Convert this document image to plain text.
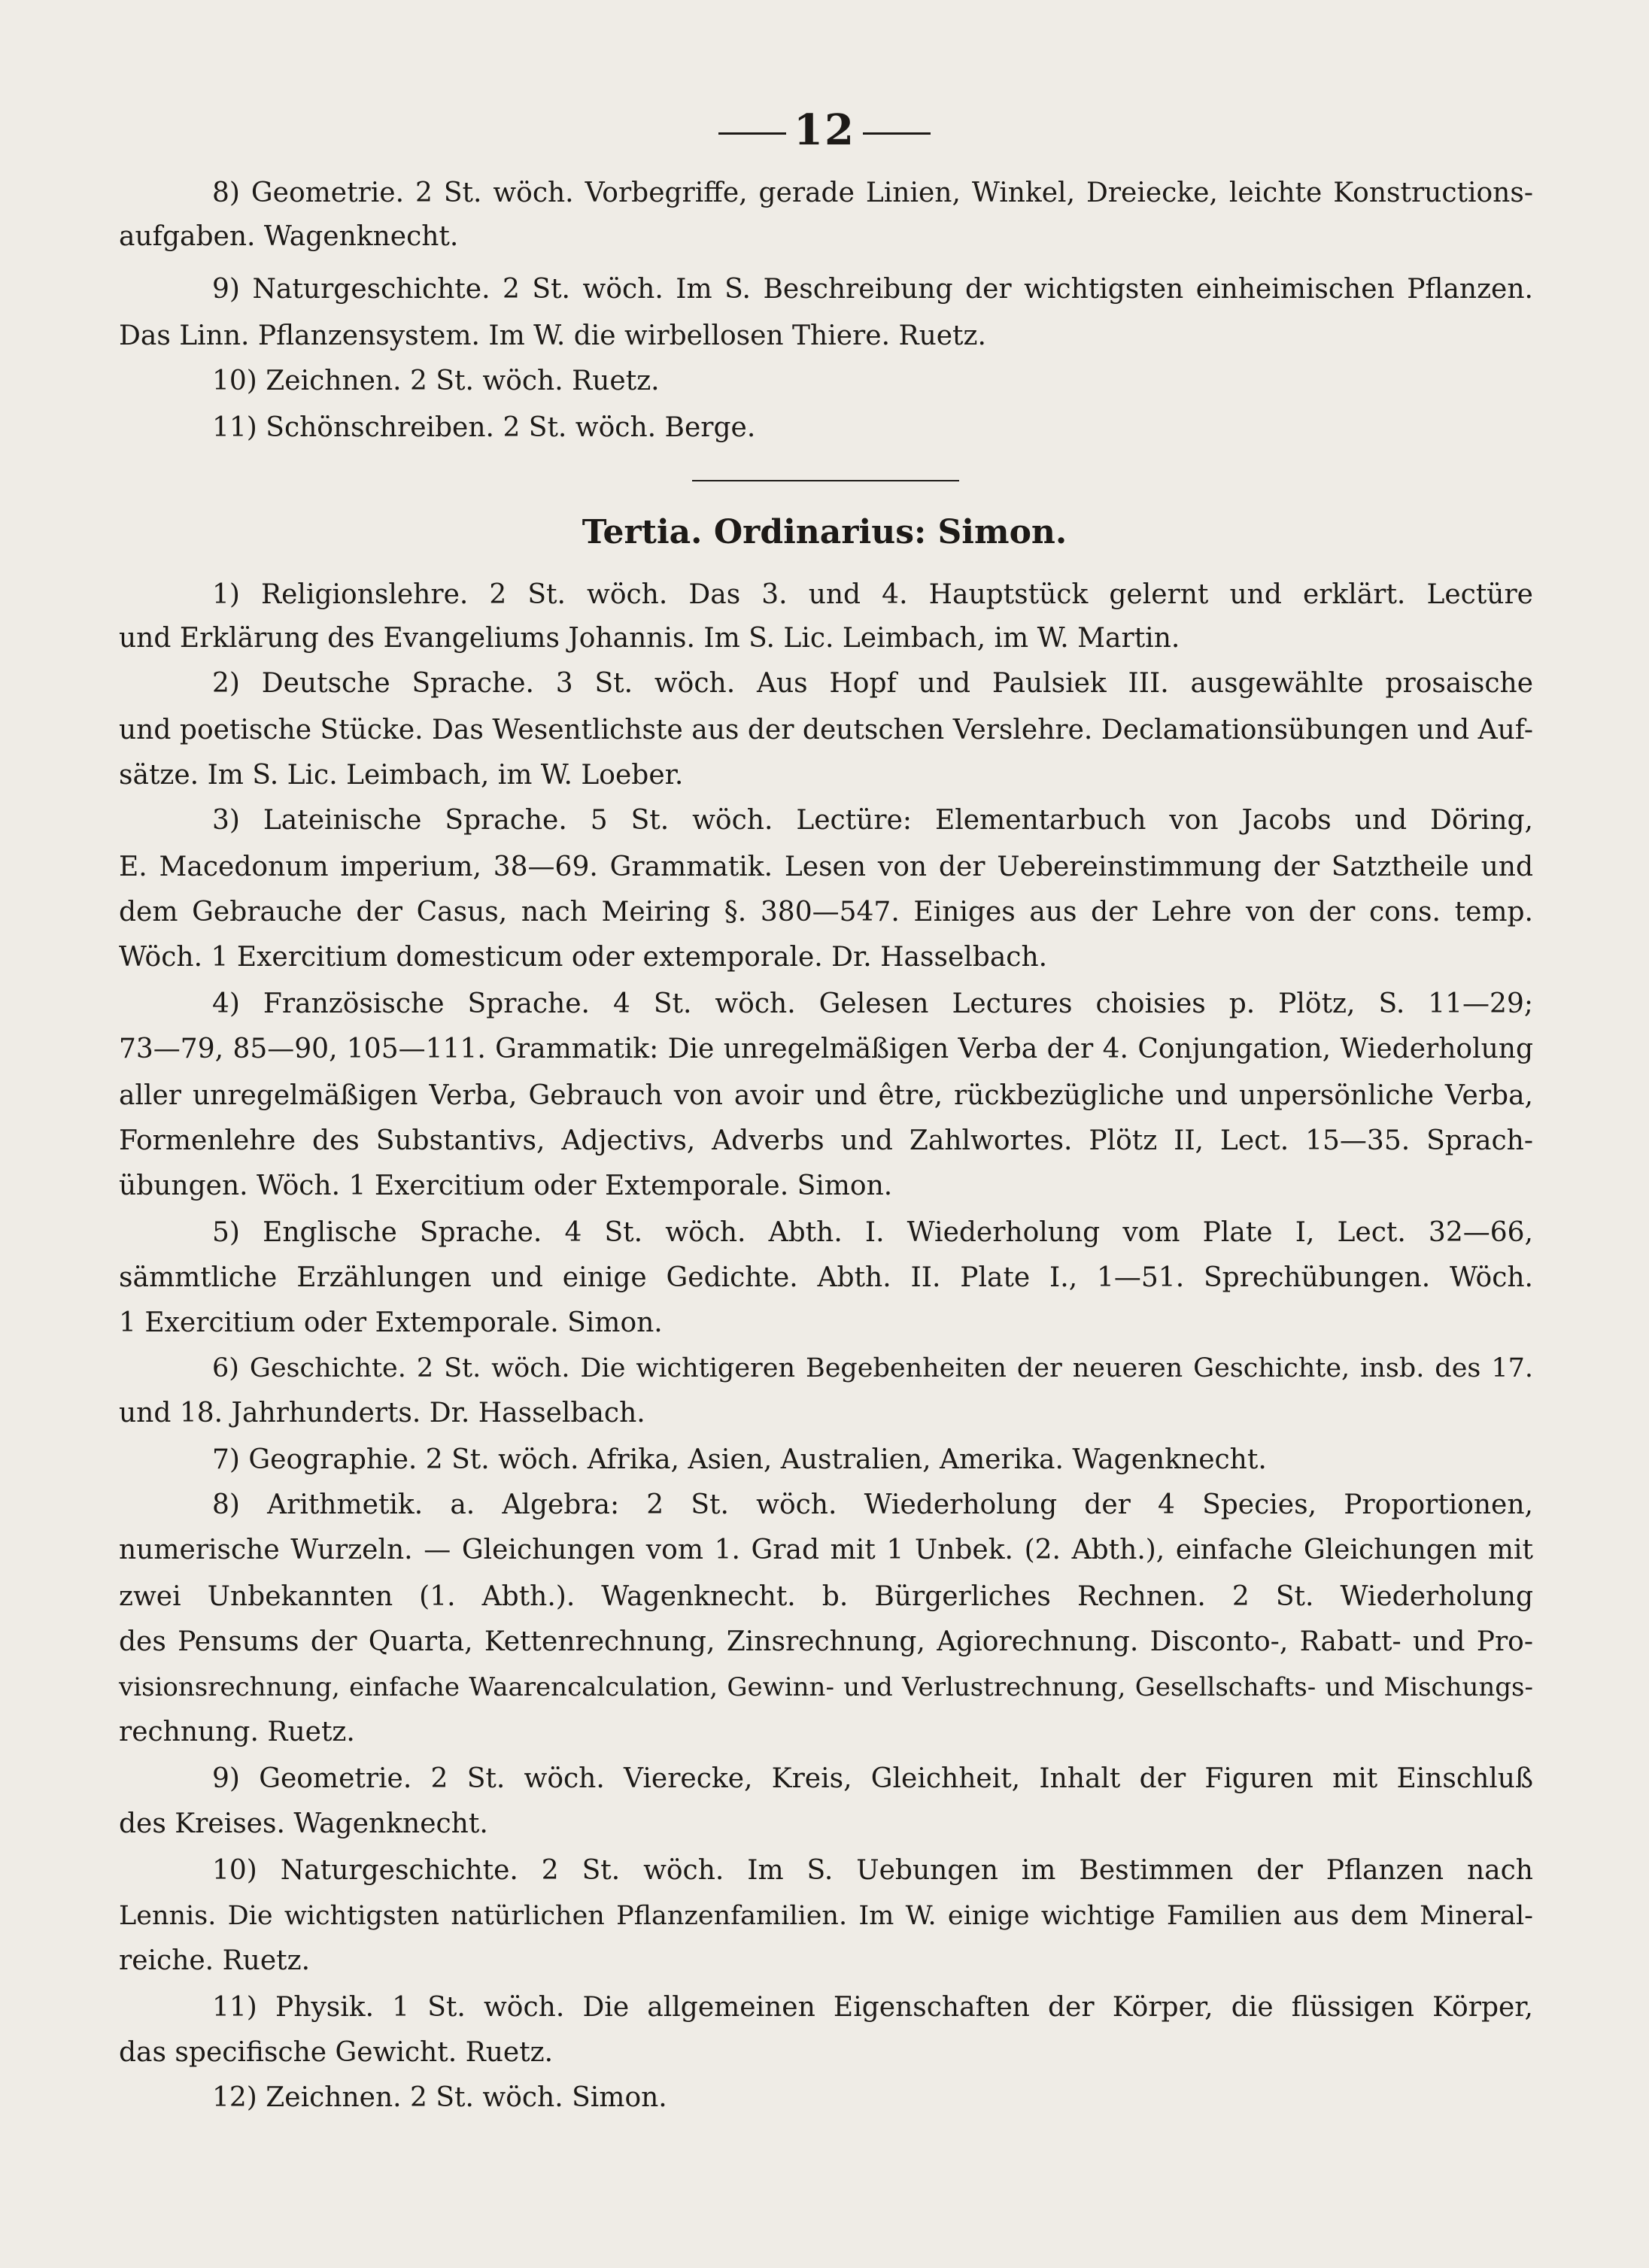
12
8) Geometrie. 2 St. wöch. Vorbegriffe, gerade Linien, Winkel, Dreiecke, leichte Konstructions-
aufgaben. Wagenknecht.
9) Naturgeschichte. 2 St. wöch. Im S. Beschreibung der wichtigsten einheimischen Pflanzen.
Das Linn. Pflanzensystem. Im W. die wirbellosen Thiere. Ruetz.
10) Zeichnen. 2 St. wöch. Ruetz.
11) Schönschreiben. 2 St. wöch. Berge.
Tertia. Ordinarius: Simon.
1) Religionslehre. 2 St. wöch. Das 3. und 4. Hauptstück gelernt und erklärt. Lectüre
und Erklärung des Evangeliums Johannis. Im S. Lic. Leimbach, im W. Martin.
2) Deutsche Sprache. 3 St. wöch. Aus Hopf und Paulsiek III. ausgewählte prosaische
und poetische Stücke. Das Wesentlichste aus der deutschen Verslehre. Declamationsübungen und Auf-
sätze. Im S. Lic. Leimbach, im W. Loeber.
3) Lateinische Sprache. 5 St. wöch. Lectüre: Elementarbuch von Jacobs und Döring,
E. Macedonum imperium, 38—69. Grammatik. Lesen von der Uebereinstimmung der Satztheile und
dem Gebrauche der Casus, nach Meiring §. 380—547. Einiges aus der Lehre von der cons. temp.
Wöch. 1 Exercitium domesticum oder extemporale. Dr. Hasselbach.
4) Französische Sprache. 4 St. wöch. Gelesen Lectures choisies p. Plötz, S. 11—29;
73—79, 85—90, 105—111. Grammatik: Die unregelmäßigen Verba der 4. Conjungation, Wiederholung
aller unregelmäßigen Verba, Gebrauch von avoir und être, rückbezügliche und unpersönliche Verba,
Formenlehre des Substantivs, Adjectivs, Adverbs und Zahlwortes. Plötz II, Lect. 15—35. Sprach-
übungen. Wöch. 1 Exercitium oder Extemporale. Simon.
5) Englische Sprache. 4 St. wöch. Abth. I. Wiederholung vom Plate I, Lect. 32—66,
sämmtliche Erzählungen und einige Gedichte. Abth. II. Plate I., 1—51. Sprechübungen. Wöch.
1 Exercitium oder Extemporale. Simon.
6) Geschichte. 2 St. wöch. Die wichtigeren Begebenheiten der neueren Geschichte, insb. des 17.
und 18. Jahrhunderts. Dr. Hasselbach.
7) Geographie. 2 St. wöch. Afrika, Asien, Australien, Amerika. Wagenknecht.
8) Arithmetik. a. Algebra: 2 St. wöch. Wiederholung der 4 Species, Proportionen,
numerische Wurzeln. — Gleichungen vom 1. Grad mit 1 Unbek. (2. Abth.), einfache Gleichungen mit
zwei Unbekannten (1. Abth.). Wagenknecht. b. Bürgerliches Rechnen. 2 St. Wiederholung
des Pensums der Quarta, Kettenrechnung, Zinsrechnung, Agiorechnung. Disconto-, Rabatt- und Pro-
visionsrechnung, einfache Waarencalculation, Gewinn- und Verlustrechnung, Gesellschafts- und Mischungs-
rechnung. Ruetz.
9) Geometrie. 2 St. wöch. Vierecke, Kreis, Gleichheit, Inhalt der Figuren mit Einschluß
des Kreises. Wagenknecht.
10) Naturgeschichte. 2 St. wöch. Im S. Uebungen im Bestimmen der Pflanzen nach
Lennis. Die wichtigsten natürlichen Pflanzenfamilien. Im W. einige wichtige Familien aus dem Mineral-
reiche. Ruetz.
11) Physik. 1 St. wöch. Die allgemeinen Eigenschaften der Körper, die flüssigen Körper,
das specifische Gewicht. Ruetz.
12) Zeichnen. 2 St. wöch. Simon.
